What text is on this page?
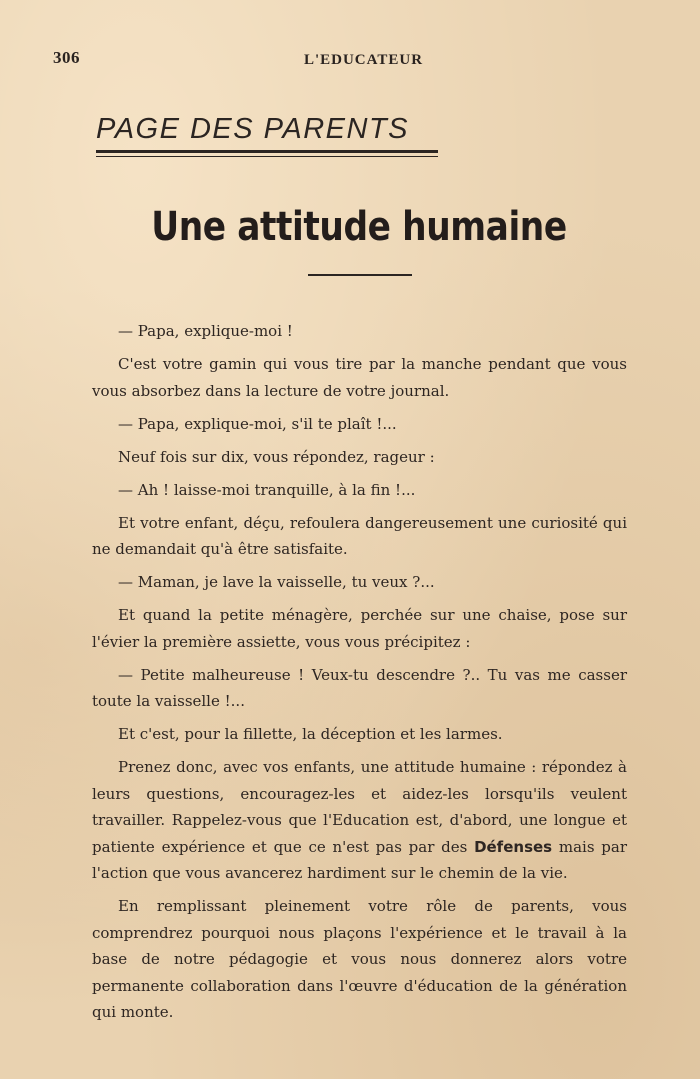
306	L'EDUCATEUR
PAGE DES PARENTS
Une attitude humaine

— Papa, explique-moi !

C'est votre gamin qui vous tire par la manche pendant que vous vous absorbez dans la lecture de votre journal.

— Papa, explique-moi, s'il te plaît !...

Neuf fois sur dix, vous répondez, rageur :

— Ah ! laisse-moi tranquille, à la fin !...

Et votre enfant, déçu, refoulera dangereusement une curiosité qui ne demandait qu'à être satisfaite.

— Maman, je lave la vaisselle, tu veux ?...

Et quand la petite ménagère, perchée sur une chaise, pose sur l'évier la première assiette, vous vous précipitez :

— Petite malheureuse ! Veux-tu descendre ?.. Tu vas me casser toute la vaisselle !...

Et c'est, pour la fillette, la déception et les larmes.

Prenez donc, avec vos enfants, une attitude humaine : répondez à leurs questions, encouragez-les et aidez-les lorsqu'ils veulent travailler. Rappelez-vous que l'Education est, d'abord, une longue et patiente expérience et que ce n'est pas par des Défenses mais par l'action que vous avancerez hardiment sur le chemin de la vie.

En remplissant pleinement votre rôle de parents, vous comprendrez pourquoi nous plaçons l'expérience et le travail à la base de notre pédagogie et vous nous donnerez alors votre permanente collaboration dans l'œuvre d'éducation de la génération qui monte.
